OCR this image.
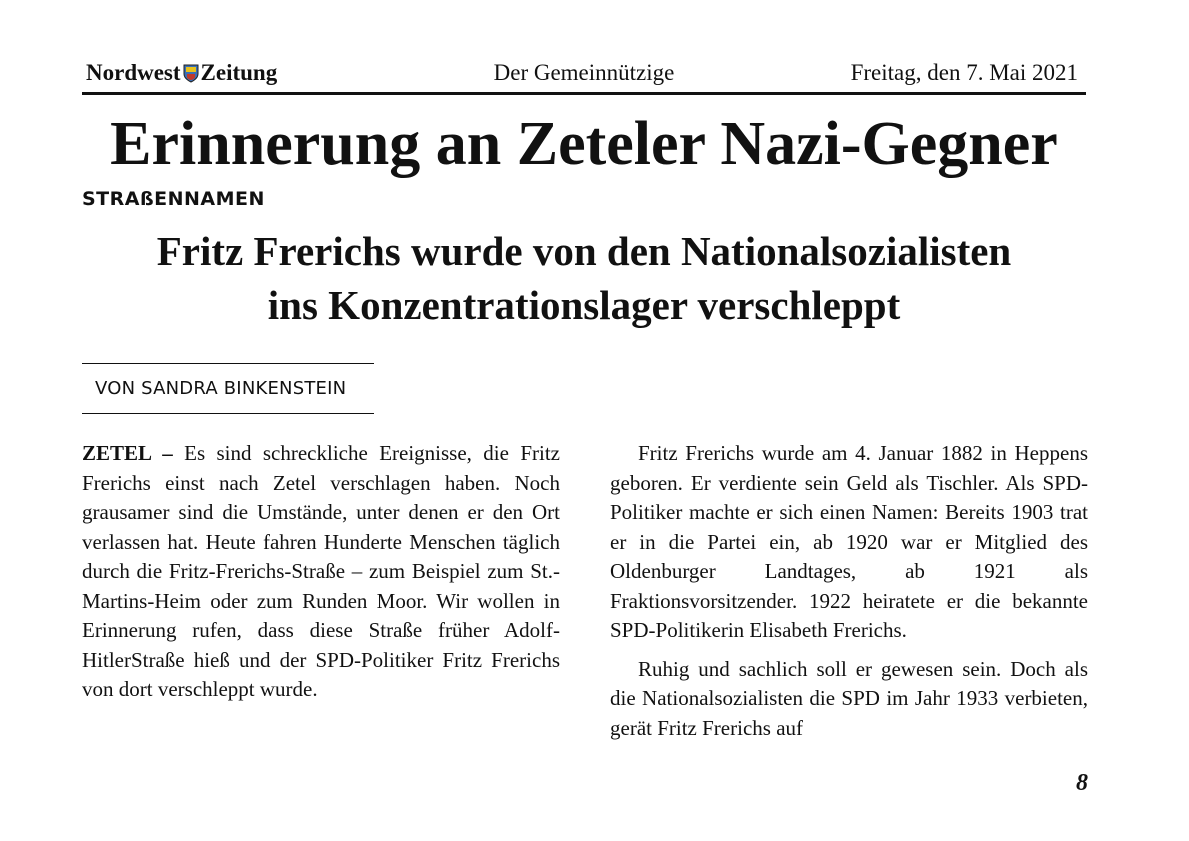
Nordwest Zeitung	Der Gemeinnützige	Freitag, den 7. Mai 2021
Erinnerung an Zeteler Nazi-Gegner
STRAßENNAMEN
Fritz Frerichs wurde von den Nationalsozialisten
ins Konzentrationslager verschleppt
VON SANDRA BINKENSTEIN

ZETEL – Es sind schreckliche Ereignisse, die Fritz Frerichs einst nach Zetel verschlagen haben. Noch grausamer sind die Umstände, unter denen er den Ort verlassen hat. Heute fahren Hunderte Menschen täglich durch die Fritz-Frerichs-Straße – zum Beispiel zum St.-Martins-Heim oder zum Runden Moor. Wir wollen in Erinnerung rufen, dass diese Straße früher Adolf-HitlerStraße hieß und der SPD-Politiker Fritz Frerichs von dort verschleppt wurde.

Fritz Frerichs wurde am 4. Januar 1882 in Heppens geboren. Er verdiente sein Geld als Tischler. Als SPD-Politiker machte er sich einen Namen: Bereits 1903 trat er in die Partei ein, ab 1920 war er Mitglied des Oldenburger Landtages, ab 1921 als Fraktionsvorsitzender. 1922 heiratete er die bekannte SPD-Politikerin Elisabeth Frerichs.

Ruhig und sachlich soll er gewesen sein. Doch als die Nationalsozialisten die SPD im Jahr 1933 verbieten, gerät Fritz Frerichs auf

8
